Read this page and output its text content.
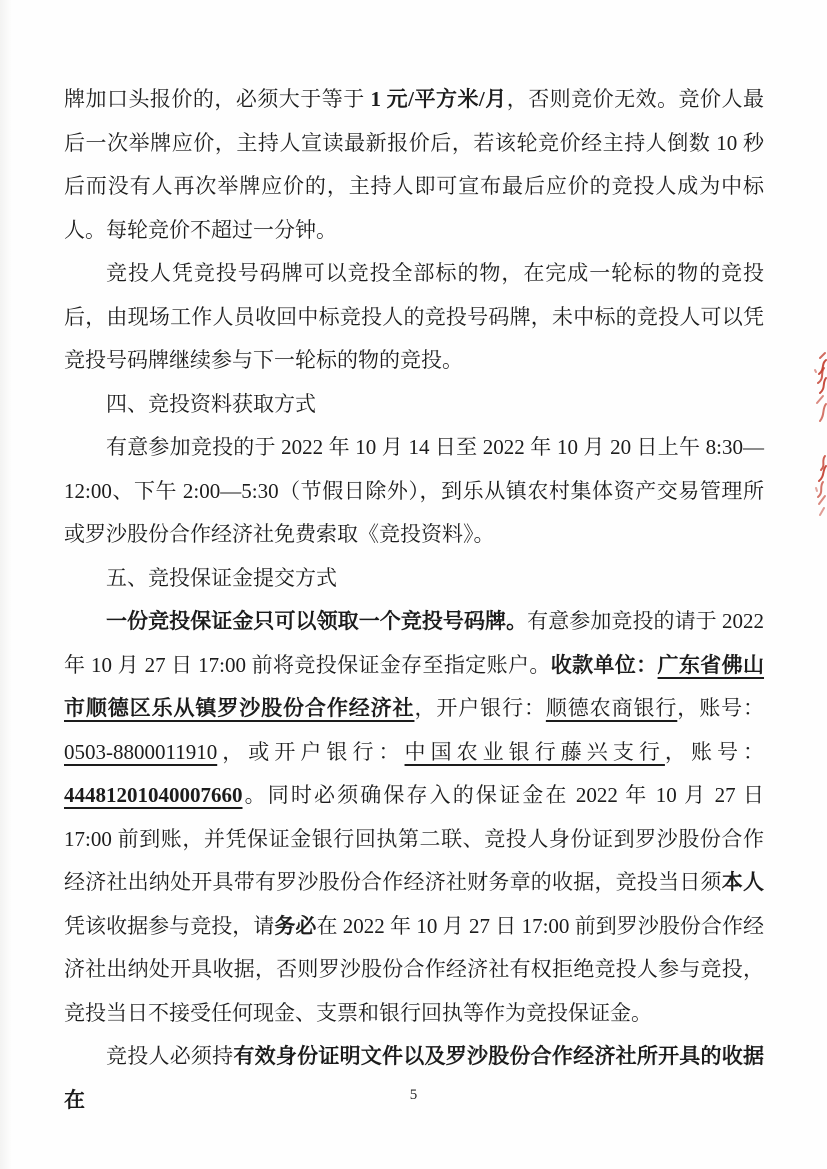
牌加口头报价的，必须大于等于 1 元/平方米/月，否则竞价无效。竞价人最后一次举牌应价，主持人宣读最新报价后，若该轮竞价经主持人倒数 10 秒后而没有人再次举牌应价的，主持人即可宣布最后应价的竞投人成为中标人。每轮竞价不超过一分钟。

竞投人凭竞投号码牌可以竞投全部标的物，在完成一轮标的物的竞投后，由现场工作人员收回中标竞投人的竞投号码牌，未中标的竞投人可以凭竞投号码牌继续参与下一轮标的物的竞投。

四、竞投资料获取方式

有意参加竞投的于 2022 年 10 月 14 日至 2022 年 10 月 20 日上午 8:30—12:00、下午 2:00—5:30（节假日除外），到乐从镇农村集体资产交易管理所或罗沙股份合作经济社免费索取《竞投资料》。

五、竞投保证金提交方式

一份竞投保证金只可以领取一个竞投号码牌。有意参加竞投的请于 2022 年 10 月 27 日 17:00 前将竞投保证金存至指定账户。收款单位：广东省佛山市顺德区乐从镇罗沙股份合作经济社，开户银行：顺德农商银行，账号：0503-8800011910，或开户银行：中国农业银行藤兴支行，账号：44481201040007660。同时必须确保存入的保证金在 2022 年 10 月 27 日 17:00 前到账，并凭保证金银行回执第二联、竞投人身份证到罗沙股份合作经济社出纳处开具带有罗沙股份合作经济社财务章的收据，竞投当日须本人凭该收据参与竞投，请务必在 2022 年 10 月 27 日 17:00 前到罗沙股份合作经济社出纳处开具收据，否则罗沙股份合作经济社有权拒绝竞投人参与竞投，竞投当日不接受任何现金、支票和银行回执等作为竞投保证金。

竞投人必须持有效身份证明文件以及罗沙股份合作经济社所开具的收据在	5
